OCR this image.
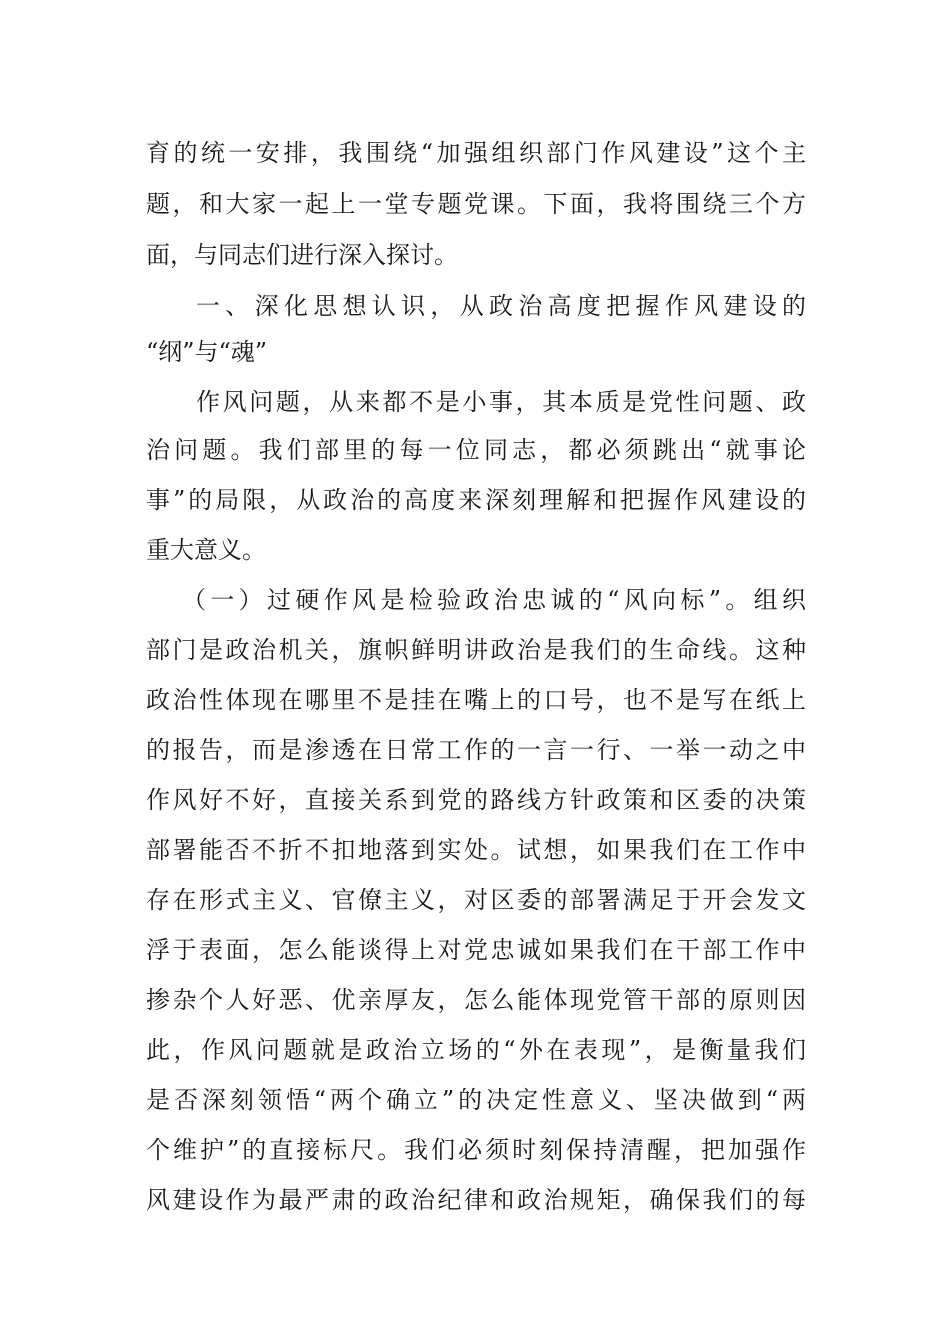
育的统一安排，我围绕“加强组织部门作风建设”这个主
题，和大家一起上一堂专题党课。下面，我将围绕三个方
面，与同志们进行深入探讨。
一、深化思想认识，从政治高度把握作风建设的
“纲”与“魂”
作风问题，从来都不是小事，其本质是党性问题、政
治问题。我们部里的每一位同志，都必须跳出“就事论
事”的局限，从政治的高度来深刻理解和把握作风建设的
重大意义。
（一）过硬作风是检验政治忠诚的“风向标”。组织
部门是政治机关，旗帜鲜明讲政治是我们的生命线。这种
政治性体现在哪里不是挂在嘴上的口号，也不是写在纸上
的报告，而是渗透在日常工作的一言一行、一举一动之中
作风好不好，直接关系到党的路线方针政策和区委的决策
部署能否不折不扣地落到实处。试想，如果我们在工作中
存在形式主义、官僚主义，对区委的部署满足于开会发文
浮于表面，怎么能谈得上对党忠诚如果我们在干部工作中
掺杂个人好恶、优亲厚友，怎么能体现党管干部的原则因
此，作风问题就是政治立场的“外在表现”，是衡量我们
是否深刻领悟“两个确立”的决定性意义、坚决做到“两
个维护”的直接标尺。我们必须时刻保持清醒，把加强作
风建设作为最严肃的政治纪律和政治规矩，确保我们的每
